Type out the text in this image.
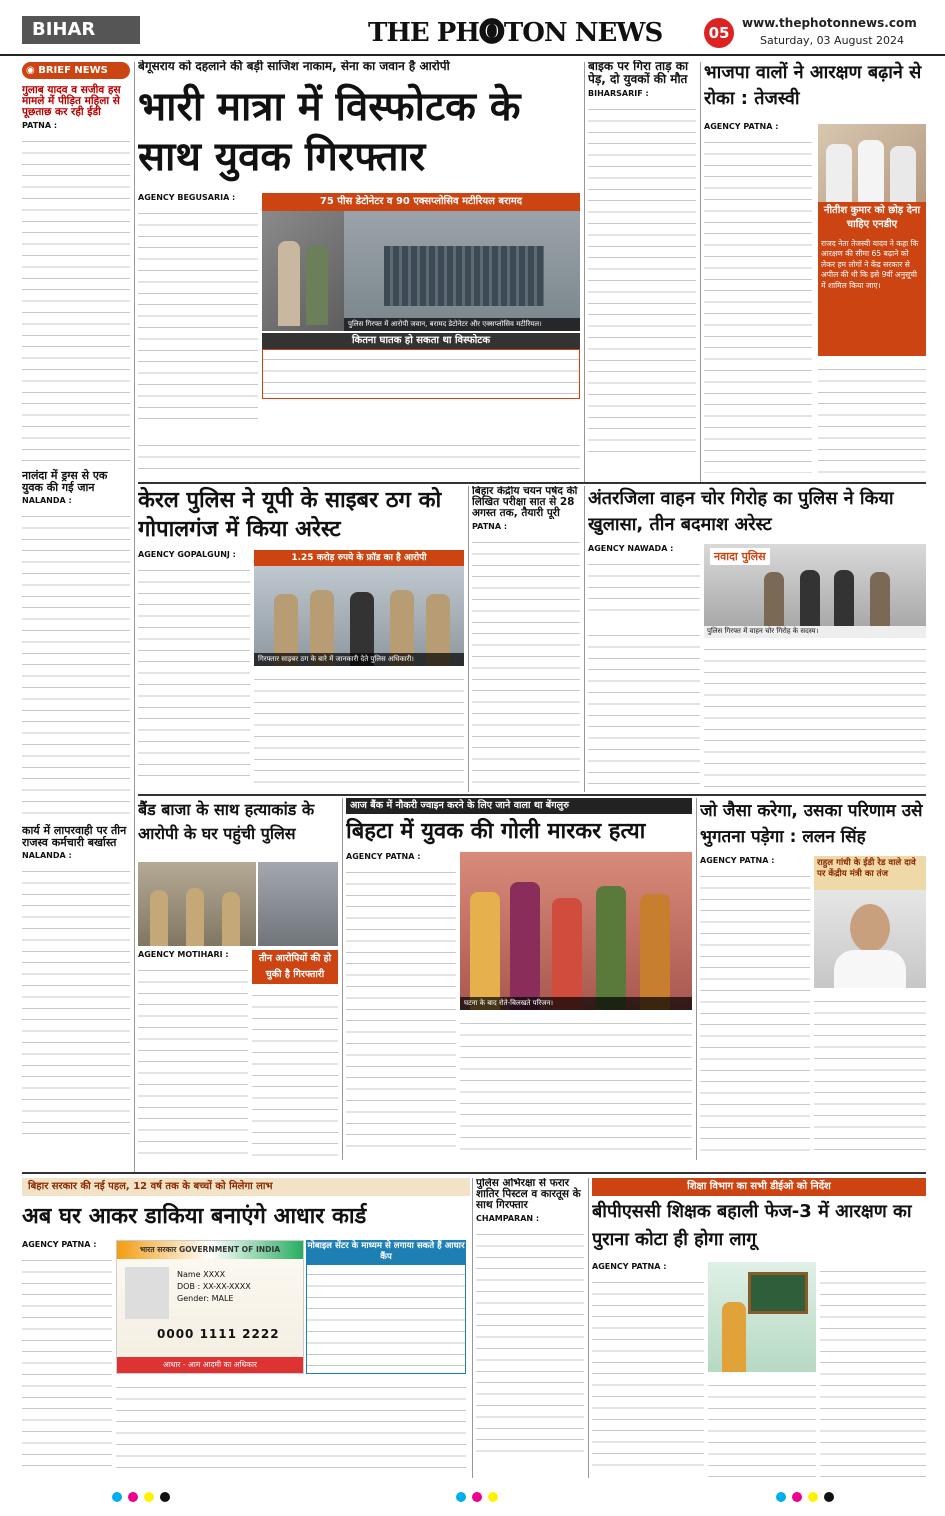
BIHAR	THE PH🅞TON NEWS	05
www.thephotonnews.com
Saturday, 03 August 2024
◉ BRIEF NEWS
गुलाब यादव व सजीव हस मामले में पीड़ित महिला से पूछताछ कर रही ईडी
PATNA :
नालंदा में ड्रग्स से एक युवक की गई जान
NALANDA :
कार्य में लापरवाही पर तीन राजस्व कर्मचारी बर्खास्त
NALANDA :
बेगूसराय को दहलाने की बड़ी साजिश नाकाम, सेना का जवान है आरोपी
भारी मात्रा में विस्फोटक के साथ युवक गिरफ्तार
75 पीस डेटोनेटर व 90 एक्सप्लोसिव मटीरियल बरामद
पुलिस गिरफ्त में आरोपी जवान, बरामद डेटोनेटर और एक्सप्लोसिव मटीरियल।
AGENCY BEGUSARIA :
कितना घातक हो सकता था विस्फोटक
बाइक पर गिरा ताड़ का पेड़, दो युवकों की मौत
BIHARSARIF :
भाजपा वालों ने आरक्षण बढ़ाने से रोका : तेजस्वी
AGENCY PATNA :
नीतीश कुमार को छोड़ देना चाहिए एनडीए
राजद नेता तेजस्वी यादव ने कहा कि आरक्षण की सीमा 65 बढ़ाने को लेकर हम लोगों ने केंद्र सरकार से अपील की थी कि इसे 9वीं अनुसूची में शामिल किया जाए।
केरल पुलिस ने यूपी के साइबर ठग को गोपालगंज में किया अरेस्ट
AGENCY GOPALGUNJ :	1.25 करोड़ रुपये के फ्रॉड का है आरोपी
गिरफ्तार साइबर ठग के बारे में जानकारी देते पुलिस अधिकारी।
बिहार केंद्रीय चयन पर्षद की लिखित परीक्षा सात से 28 अगस्त तक, तैयारी पूरी
PATNA :
अंतरजिला वाहन चोर गिरोह का पुलिस ने किया खुलासा, तीन बदमाश अरेस्ट
AGENCY NAWADA :
नवादा पुलिस
पुलिस गिरफ्त में वाहन चोर गिरोह के सदस्य।
बैंड बाजा के साथ हत्याकांड के आरोपी के घर पहुंची पुलिस
AGENCY MOTIHARI :	तीन आरोपियों की हो चुकी है गिरफ्तारी
आज बैंक में नौकरी ज्वाइन करने के लिए जाने वाला था बेंगलुरु
बिहटा में युवक की गोली मारकर हत्या
AGENCY PATNA :
घटना के बाद रोते-बिलखते परिजन।
जो जैसा करेगा, उसका परिणाम उसे भुगतना पड़ेगा : ललन सिंह
AGENCY PATNA :	राहुल गांधी के ईडी रेड वाले दावे पर केंद्रीय मंत्री का तंज
बिहार सरकार की नई पहल, 12 वर्ष तक के बच्चों को मिलेगा लाभ
अब घर आकर डाकिया बनाएंगे आधार कार्ड
AGENCY PATNA :
भारत सरकार GOVERNMENT OF INDIA
Name XXXX
DOB : XX-XX-XXXX
Gender: MALE
0000 1111 2222
आधार - आम आदमी का अधिकार
मोबाइल सेंटर के माध्यम से लगाया सकते हैं आधार कैंप
पुलिस अभिरक्षा से फरार शातिर पिस्टल व कारतूस के साथ गिरफ्तार
CHAMPARAN :
शिक्षा विभाग का सभी डीईओ को निर्देश
बीपीएससी शिक्षक बहाली फेज-3 में आरक्षण का पुराना कोटा ही होगा लागू
AGENCY PATNA :
